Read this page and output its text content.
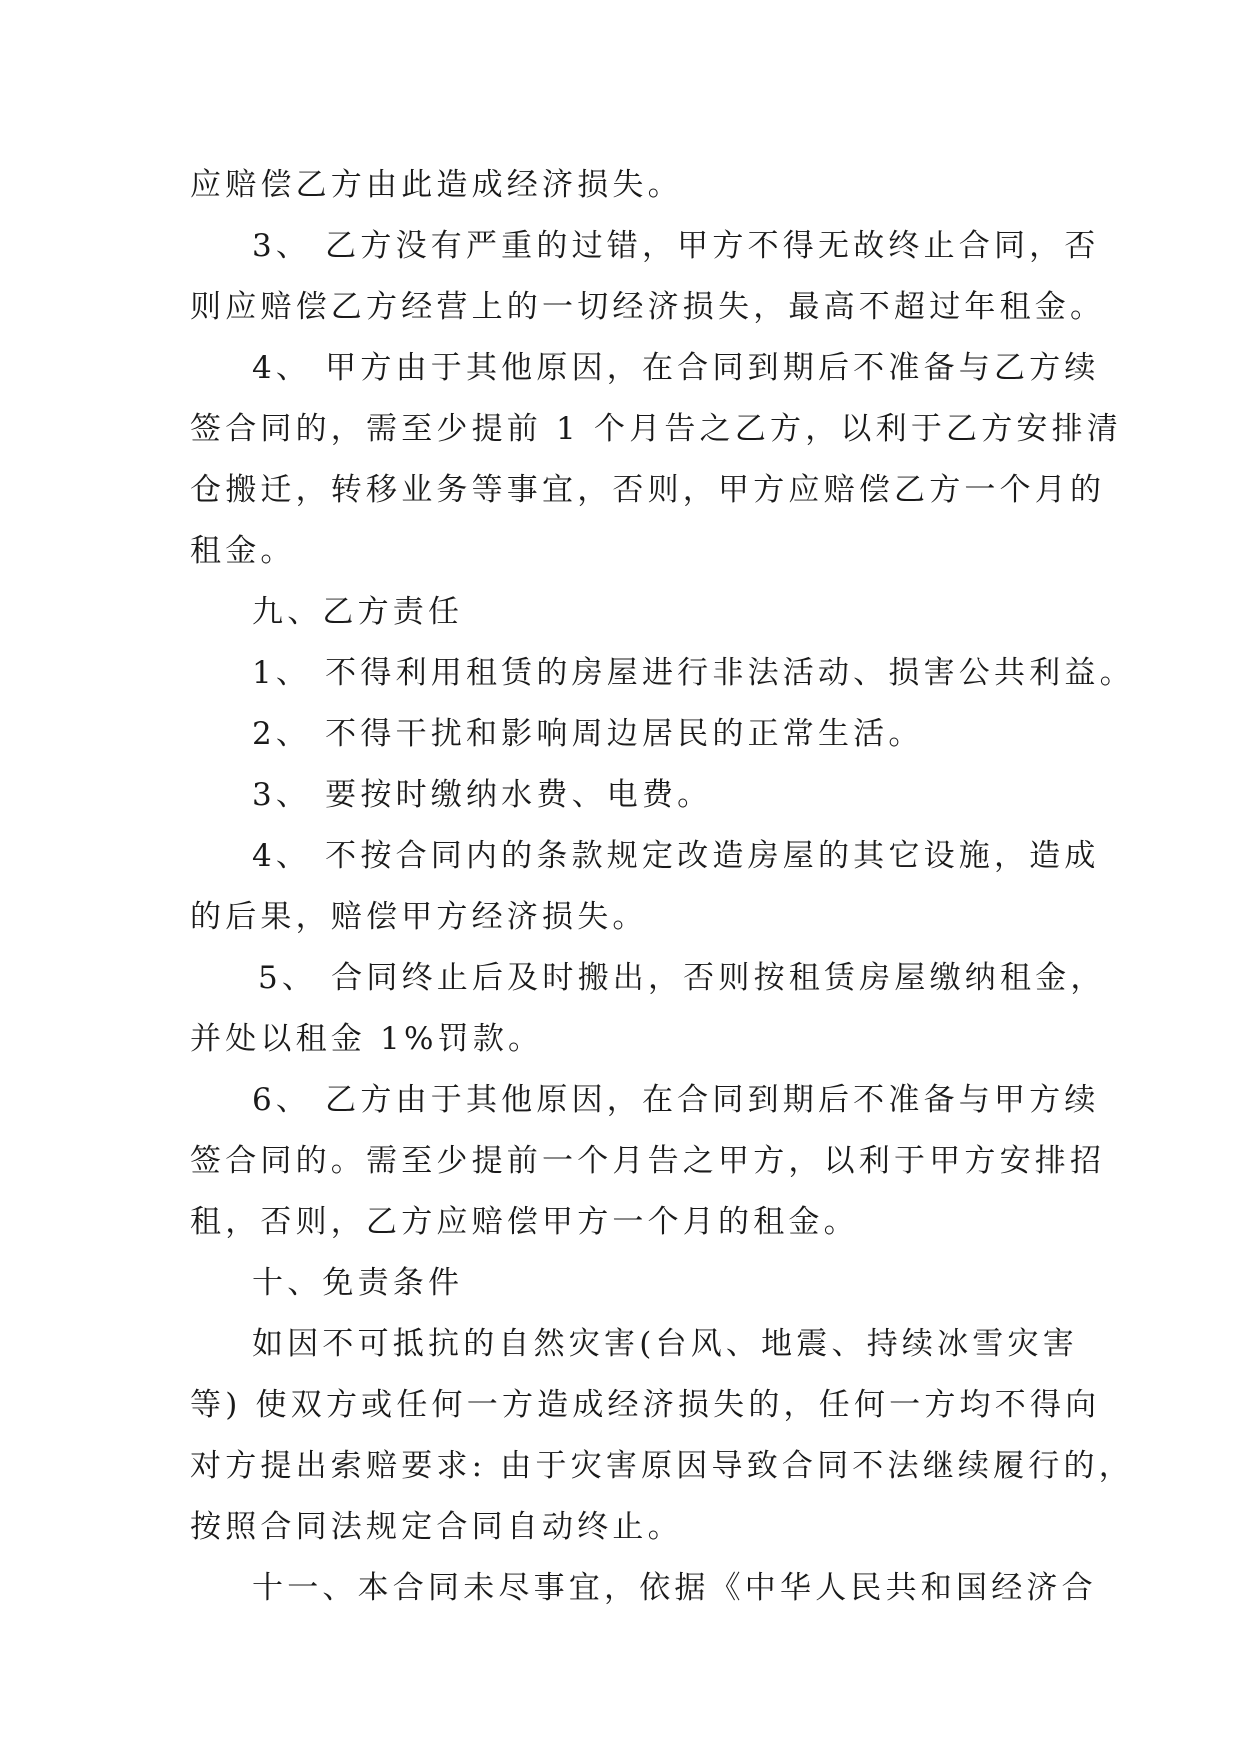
应赔偿乙方由此造成经济损失。
3、 乙方没有严重的过错，甲方不得无故终止合同，否
则应赔偿乙方经营上的一切经济损失，最高不超过年租金。
4、 甲方由于其他原因，在合同到期后不准备与乙方续
签合同的，需至少提前 1 个月告之乙方，以利于乙方安排清
仓搬迁，转移业务等事宜，否则，甲方应赔偿乙方一个月的
租金。
九、乙方责任
1、 不得利用租赁的房屋进行非法活动、损害公共利益。
2、 不得干扰和影响周边居民的正常生活。
3、 要按时缴纳水费、电费。
4、 不按合同内的条款规定改造房屋的其它设施，造成
的后果，赔偿甲方经济损失。
5、 合同终止后及时搬出，否则按租赁房屋缴纳租金，
并处以租金 1%罚款。
6、 乙方由于其他原因，在合同到期后不准备与甲方续
签合同的。需至少提前一个月告之甲方，以利于甲方安排招
租，否则，乙方应赔偿甲方一个月的租金。
十、免责条件
如因不可抵抗的自然灾害(台风、地震、持续冰雪灾害
等) 使双方或任何一方造成经济损失的，任何一方均不得向
对方提出索赔要求: 由于灾害原因导致合同不法继续履行的，
按照合同法规定合同自动终止。
十一、本合同未尽事宜，依据《中华人民共和国经济合
